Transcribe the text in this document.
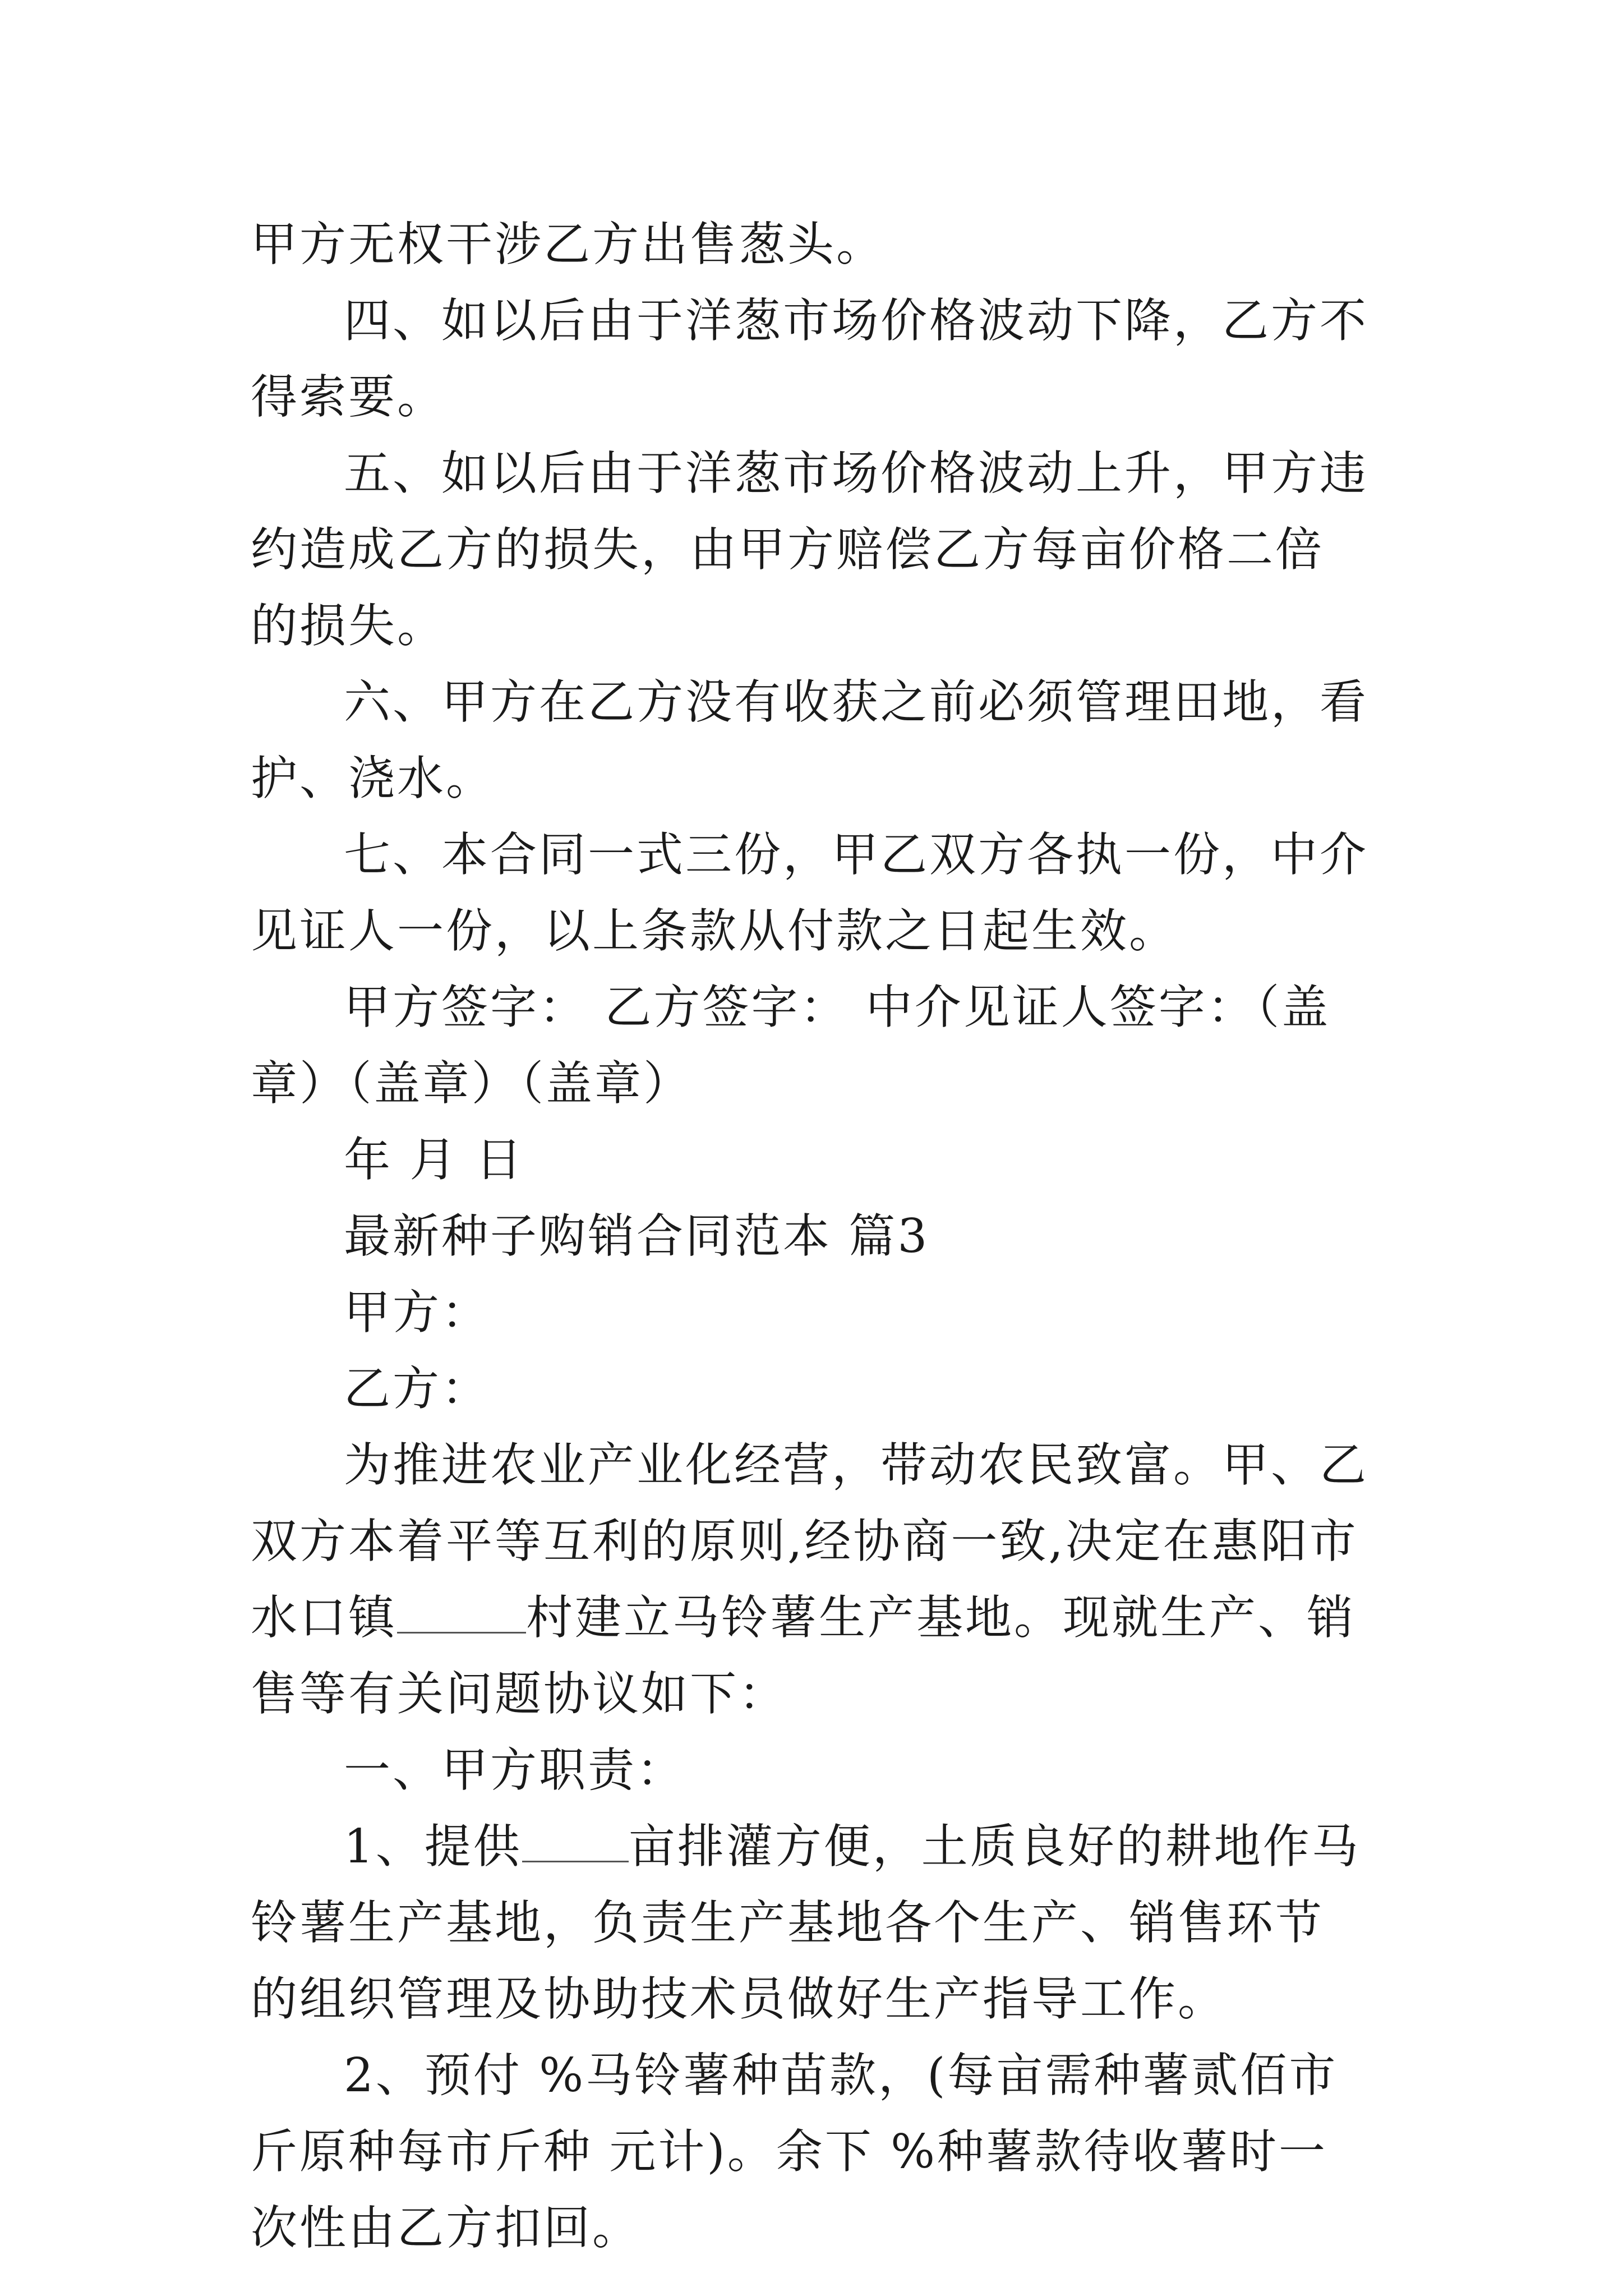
甲方无权干涉乙方出售葱头。

四、如以后由于洋葱市场价格波动下降，乙方不得索要。

五、如以后由于洋葱市场价格波动上升，甲方违约造成乙方的损失，由甲方赔偿乙方每亩价格二倍的损失。

六、甲方在乙方没有收获之前必须管理田地，看护、浇水。

七、本合同一式三份，甲乙双方各执一份，中介见证人一份，以上条款从付款之日起生效。

甲方签字： 乙方签字： 中介见证人签字：（盖章）（盖章）（盖章）

年 月 日

最新种子购销合同范本 篇3

甲方：

乙方：

为推进农业产业化经营，带动农民致富。甲、乙双方本着平等互利的原则,经协商一致,决定在惠阳市水口镇	村建立马铃薯生产基地。现就生产、销售等有关问题协议如下：

一、甲方职责：

1、提供 亩排灌方便，土质良好的耕地作马铃薯生产基地，负责生产基地各个生产、销售环节的组织管理及协助技术员做好生产指导工作。

2、预付 %马铃薯种苗款，(每亩需种薯贰佰市斤原种每市斤种 元计)。余下 %种薯款待收薯时一次性由乙方扣回。
